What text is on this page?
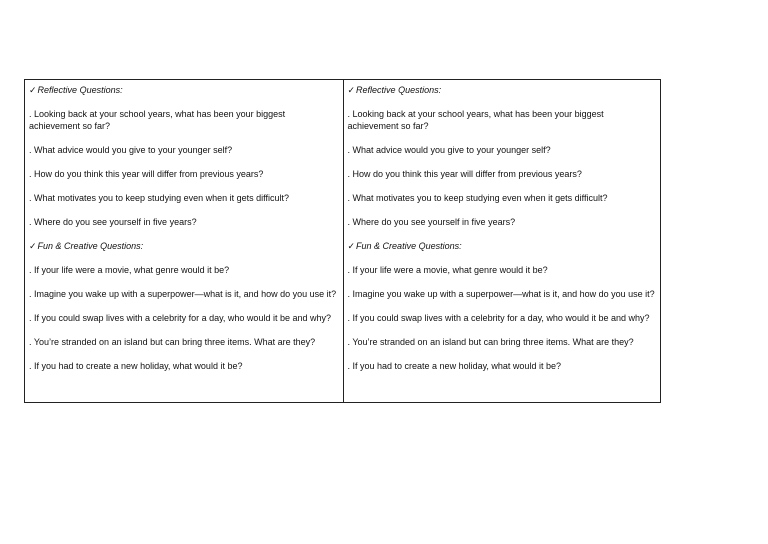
✓Reflective Questions:
. Looking back at your school years, what has been your biggest achievement so far?
. What advice would you give to your younger self?
. How do you think this year will differ from previous years?
. What motivates you to keep studying even when it gets difficult?
. Where do you see yourself in five years?
✓Fun & Creative Questions:
. If your life were a movie, what genre would it be?
. Imagine you wake up with a superpower—what is it, and how do you use it?
. If you could swap lives with a celebrity for a day, who would it be and why?
. You’re stranded on an island but can bring three items. What are they?
. If you had to create a new holiday, what would it be?
✓Reflective Questions:
. Looking back at your school years, what has been your biggest achievement so far?
. What advice would you give to your younger self?
. How do you think this year will differ from previous years?
. What motivates you to keep studying even when it gets difficult?
. Where do you see yourself in five years?
✓Fun & Creative Questions:
. If your life were a movie, what genre would it be?
. Imagine you wake up with a superpower—what is it, and how do you use it?
. If you could swap lives with a celebrity for a day, who would it be and why?
. You’re stranded on an island but can bring three items. What are they?
. If you had to create a new holiday, what would it be?
